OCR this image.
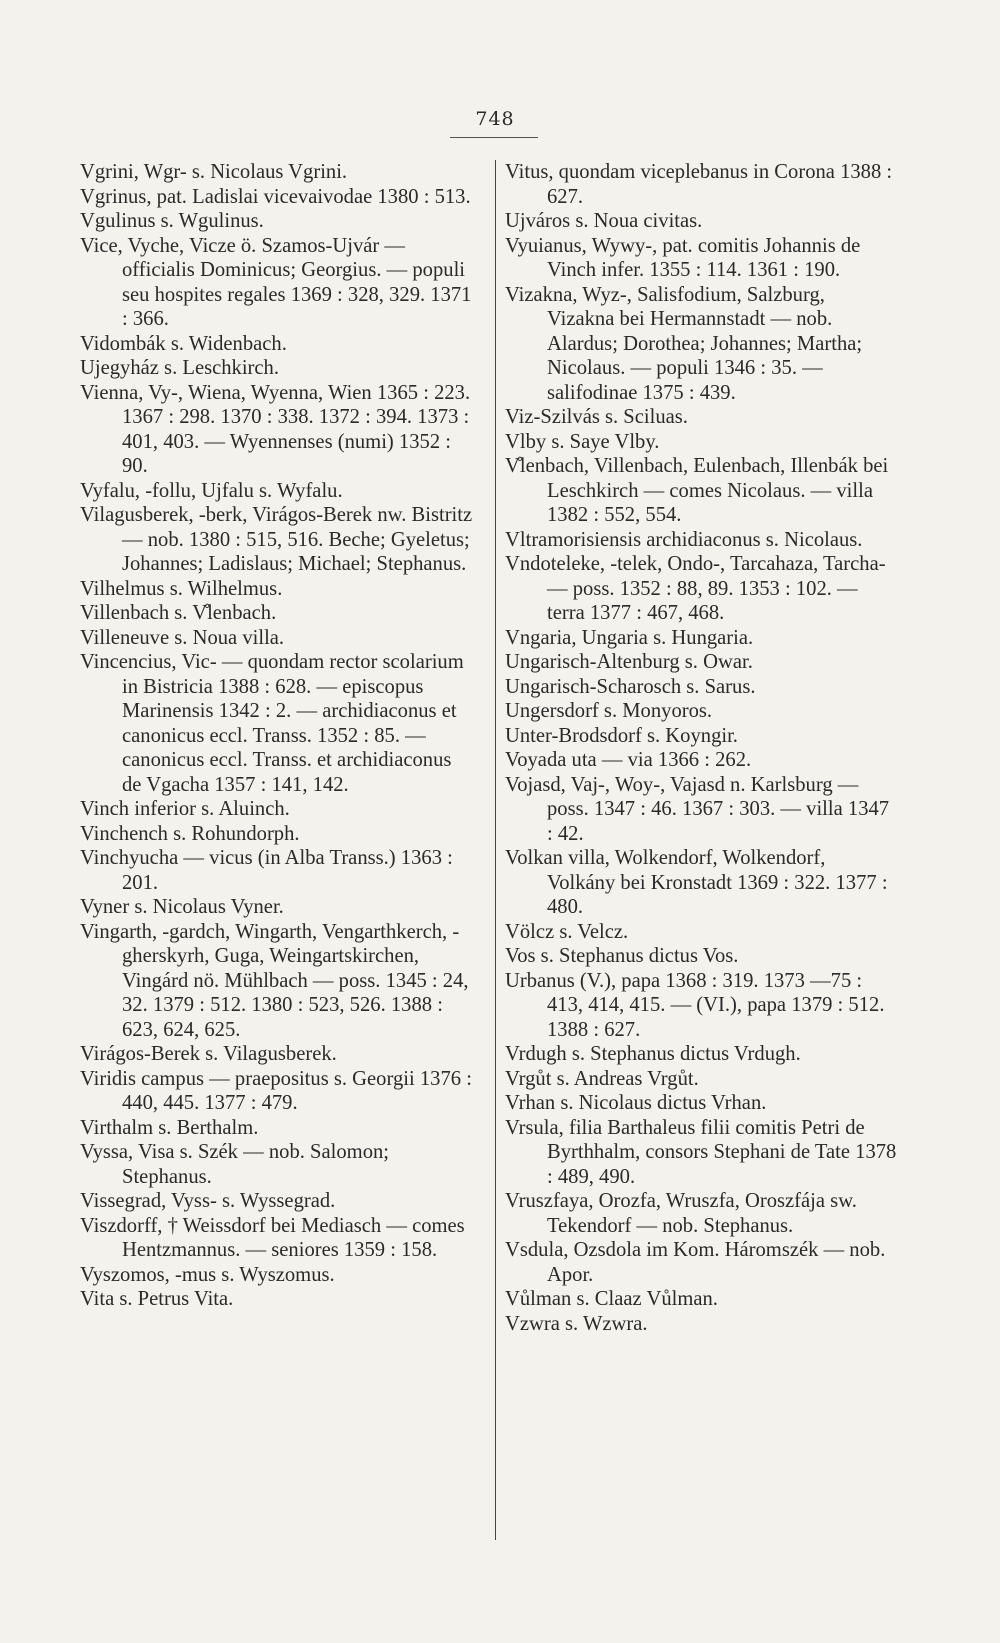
748

Vgrini, Wgr- s. Nicolaus Vgrini.

Vgrinus, pat. Ladislai vicevaivodae 1380 : 513.

Vgulinus s. Wgulinus.

Vice, Vyche, Vicze ö. Szamos-Ujvár — officialis Dominicus; Georgius. — populi seu hospites regales 1369 : 328, 329. 1371 : 366.

Vidombák s. Widenbach.

Ujegyház s. Leschkirch.

Vienna, Vy-, Wiena, Wyenna, Wien 1365 : 223. 1367 : 298. 1370 : 338. 1372 : 394. 1373 : 401, 403. — Wyennenses (numi) 1352 : 90.

Vyfalu, -follu, Ujfalu s. Wyfalu.

Vilagusberek, -berk, Virágos-Berek nw. Bistritz — nob. 1380 : 515, 516. Beche; Gyeletus; Johannes; Ladislaus; Michael; Stephanus.

Vilhelmus s. Wilhelmus.

Villenbach s. V̊lenbach.

Villeneuve s. Noua villa.

Vincencius, Vic- — quondam rector scolarium in Bistricia 1388 : 628. — episcopus Marinensis 1342 : 2. — archidiaconus et canonicus eccl. Transs. 1352 : 85. — canonicus eccl. Transs. et archidiaconus de Vgacha 1357 : 141, 142.

Vinch inferior s. Aluinch.

Vinchench s. Rohundorph.

Vinchyucha — vicus (in Alba Transs.) 1363 : 201.

Vyner s. Nicolaus Vyner.

Vingarth, -gardch, Wingarth, Vengarthkerch, -gherskyrh, Guga, Weingartskirchen, Vingárd nö. Mühlbach — poss. 1345 : 24, 32. 1379 : 512. 1380 : 523, 526. 1388 : 623, 624, 625.

Virágos-Berek s. Vilagusberek.

Viridis campus — praepositus s. Georgii 1376 : 440, 445. 1377 : 479.

Virthalm s. Berthalm.

Vyssa, Visa s. Szék — nob. Salomon; Stephanus.

Vissegrad, Vyss- s. Wyssegrad.

Viszdorff, † Weissdorf bei Mediasch — comes Hentzmannus. — seniores 1359 : 158.

Vyszomos, -mus s. Wyszomus.

Vita s. Petrus Vita.

Vitus, quondam viceplebanus in Corona 1388 : 627.

Ujváros s. Noua civitas.

Vyuianus, Wywy-, pat. comitis Johannis de Vinch infer. 1355 : 114. 1361 : 190.

Vizakna, Wyz-, Salisfodium, Salzburg, Vizakna bei Hermannstadt — nob. Alardus; Dorothea; Johannes; Martha; Nicolaus. — populi 1346 : 35. — salifodinae 1375 : 439.

Viz-Szilvás s. Sciluas.

Vlby s. Saye Vlby.

V̊lenbach, Villenbach, Eulenbach, Illenbák bei Leschkirch — comes Nicolaus. — villa 1382 : 552, 554.

Vltramorisiensis archidiaconus s. Nicolaus.

Vndoteleke, -telek, Ondo-, Tarcahaza, Tarcha- — poss. 1352 : 88, 89. 1353 : 102. — terra 1377 : 467, 468.

Vngaria, Ungaria s. Hungaria.

Ungarisch-Altenburg s. Owar.

Ungarisch-Scharosch s. Sarus.

Ungersdorf s. Monyoros.

Unter-Brodsdorf s. Koyngir.

Voyada uta — via 1366 : 262.

Vojasd, Vaj-, Woy-, Vajasd n. Karlsburg — poss. 1347 : 46. 1367 : 303. — villa 1347 : 42.

Volkan villa, Wolkendorf, Wolkendorf, Volkány bei Kronstadt 1369 : 322. 1377 : 480.

Völcz s. Velcz.

Vos s. Stephanus dictus Vos.

Urbanus (V.), papa 1368 : 319. 1373 —75 : 413, 414, 415. — (VI.), papa 1379 : 512. 1388 : 627.

Vrdugh s. Stephanus dictus Vrdugh.

Vrgůt s. Andreas Vrgůt.

Vrhan s. Nicolaus dictus Vrhan.

Vrsula, filia Barthaleus filii comitis Petri de Byrthhalm, consors Stephani de Tate 1378 : 489, 490.

Vruszfaya, Orozfa, Wruszfa, Oroszfája sw. Tekendorf — nob. Stephanus.

Vsdula, Ozsdola im Kom. Háromszék — nob. Apor.

Vůlman s. Claaz Vůlman.

Vzwra s. Wzwra.
